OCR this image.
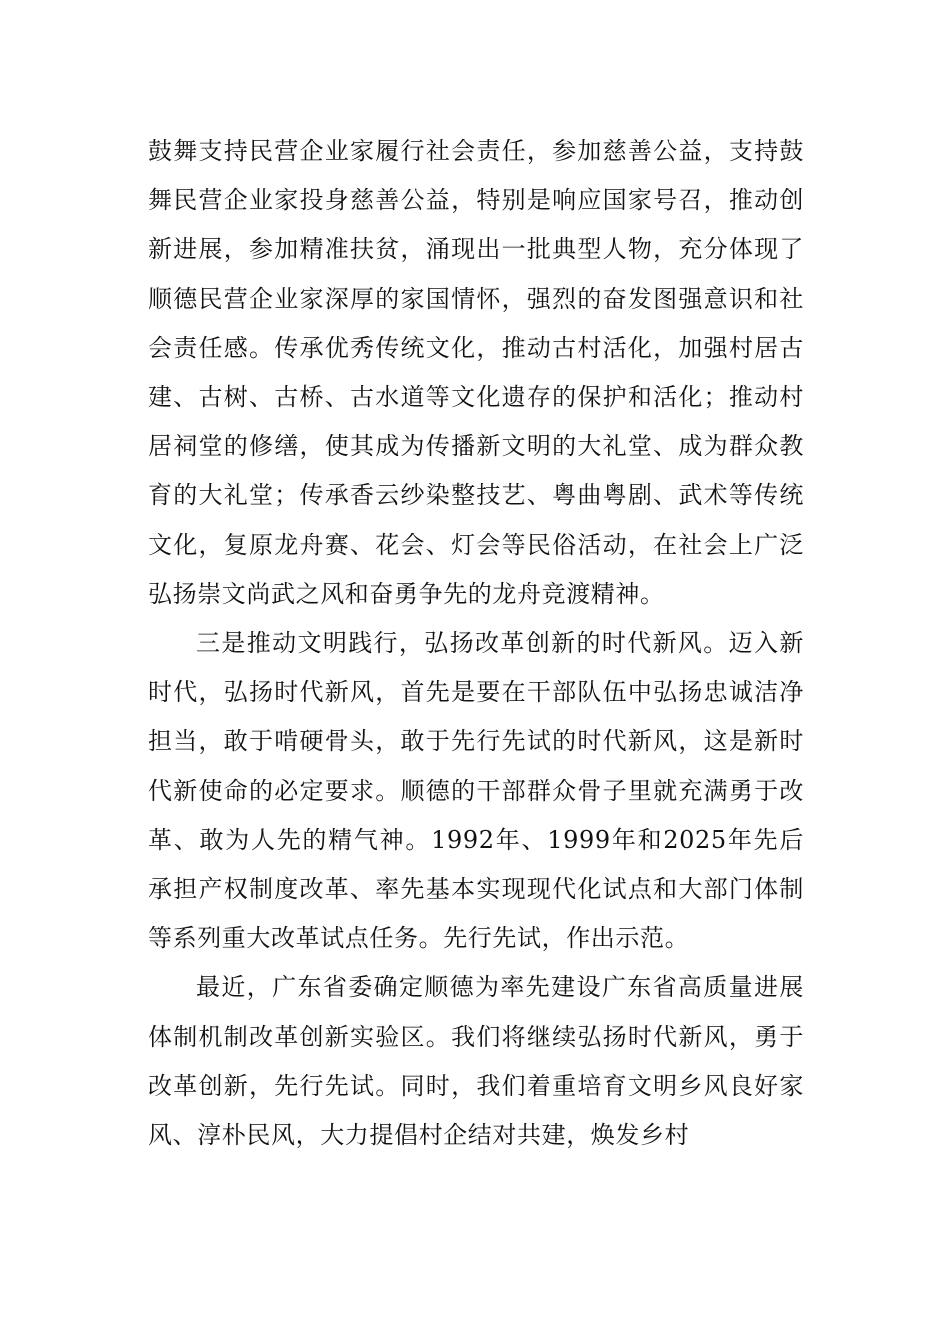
鼓舞支持民营企业家履行社会责任，参加慈善公益，支持鼓舞民营企业家投身慈善公益，特别是响应国家号召，推动创新进展，参加精准扶贫，涌现出一批典型人物，充分体现了顺德民营企业家深厚的家国情怀，强烈的奋发图强意识和社会责任感。传承优秀传统文化，推动古村活化，加强村居古建、古树、古桥、古水道等文化遗存的保护和活化；推动村居祠堂的修缮，使其成为传播新文明的大礼堂、成为群众教育的大礼堂；传承香云纱染整技艺、粤曲粤剧、武术等传统文化，复原龙舟赛、花会、灯会等民俗活动，在社会上广泛弘扬崇文尚武之风和奋勇争先的龙舟竞渡精神。

三是推动文明践行，弘扬改革创新的时代新风。迈入新时代，弘扬时代新风，首先是要在干部队伍中弘扬忠诚洁净担当，敢于啃硬骨头，敢于先行先试的时代新风，这是新时代新使命的必定要求。顺德的干部群众骨子里就充满勇于改革、敢为人先的精气神。1992年、1999年和2025年先后承担产权制度改革、率先基本实现现代化试点和大部门体制等系列重大改革试点任务。先行先试，作出示范。

最近，广东省委确定顺德为率先建设广东省高质量进展体制机制改革创新实验区。我们将继续弘扬时代新风，勇于改革创新，先行先试。同时，我们着重培育文明乡风良好家风、淳朴民风，大力提倡村企结对共建，焕发乡村
